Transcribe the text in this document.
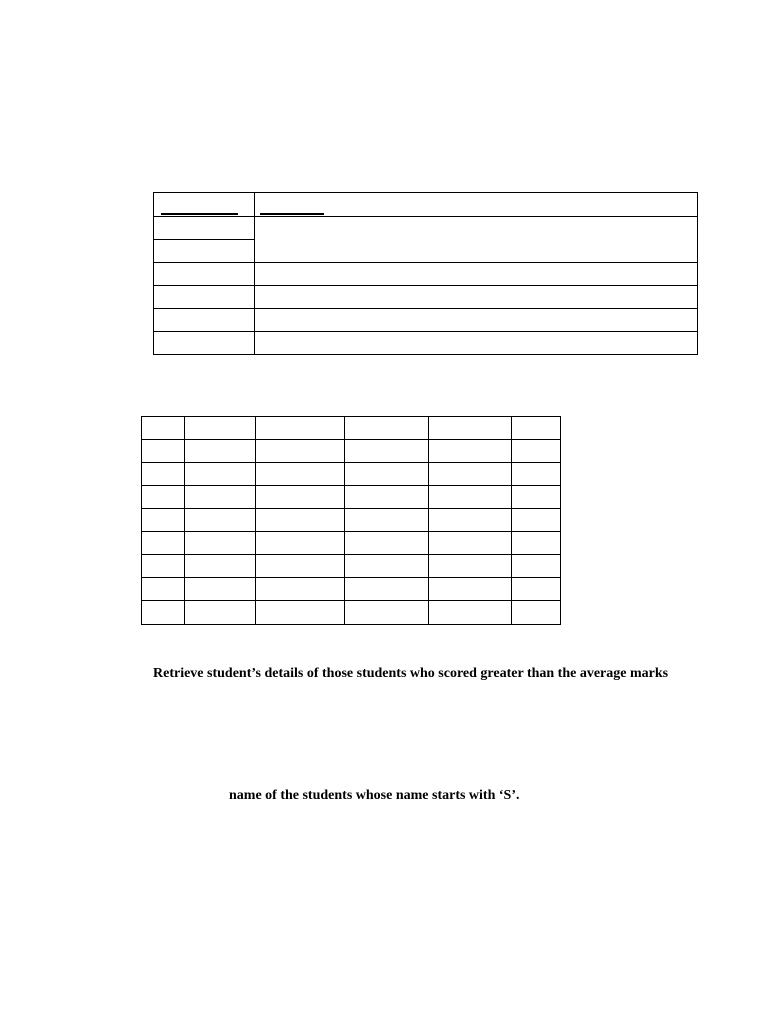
Retrieve student’s details of those students who scored greater than the average marks
name of the students whose name starts with ‘S’.
